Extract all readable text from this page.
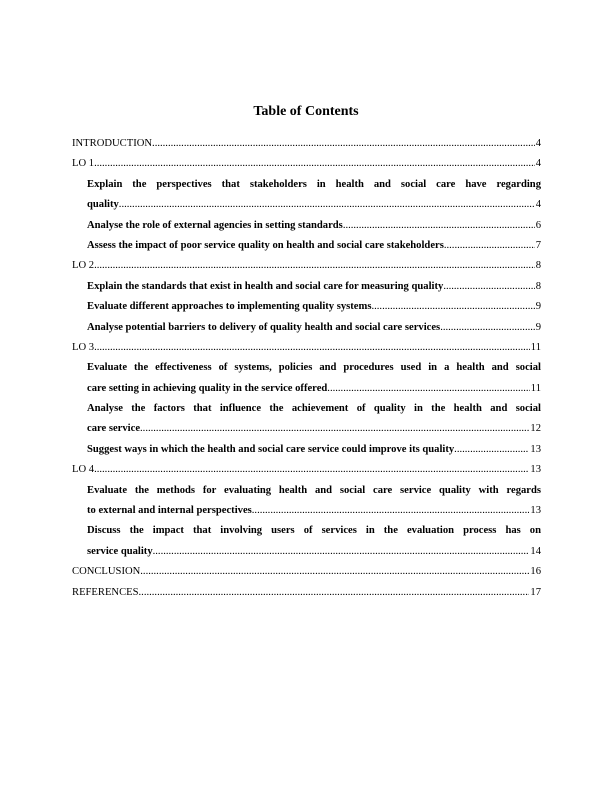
Table of Contents
INTRODUCTION .....	4
LO 1 .....	4
Explain the perspectives that stakeholders in health and social care have regarding
quality .....	4
Analyse the role of external agencies in setting standards .....	6
Assess the impact of poor service quality on health and social care stakeholders .....	7
LO 2 .....	8
Explain the standards that exist in health and social care for measuring quality .....	8
Evaluate different approaches to implementing quality systems .....	9
Analyse potential barriers to delivery of quality health and social care services .....	9
LO 3 .....	11
Evaluate the effectiveness of systems, policies and procedures used in a health and social
care setting in achieving quality in the service offered .....	11
Analyse the factors that influence the achievement of quality in the health and social
care service .....	12
Suggest ways in which the health and social care service could improve its quality .....	13
LO 4 .....	13
Evaluate the methods for evaluating health and social care service quality with regards
to external and internal perspectives .....	13
Discuss the impact that involving users of services in the evaluation process has on
service quality .....	14
CONCLUSION .....	16
REFERENCES .....	17
